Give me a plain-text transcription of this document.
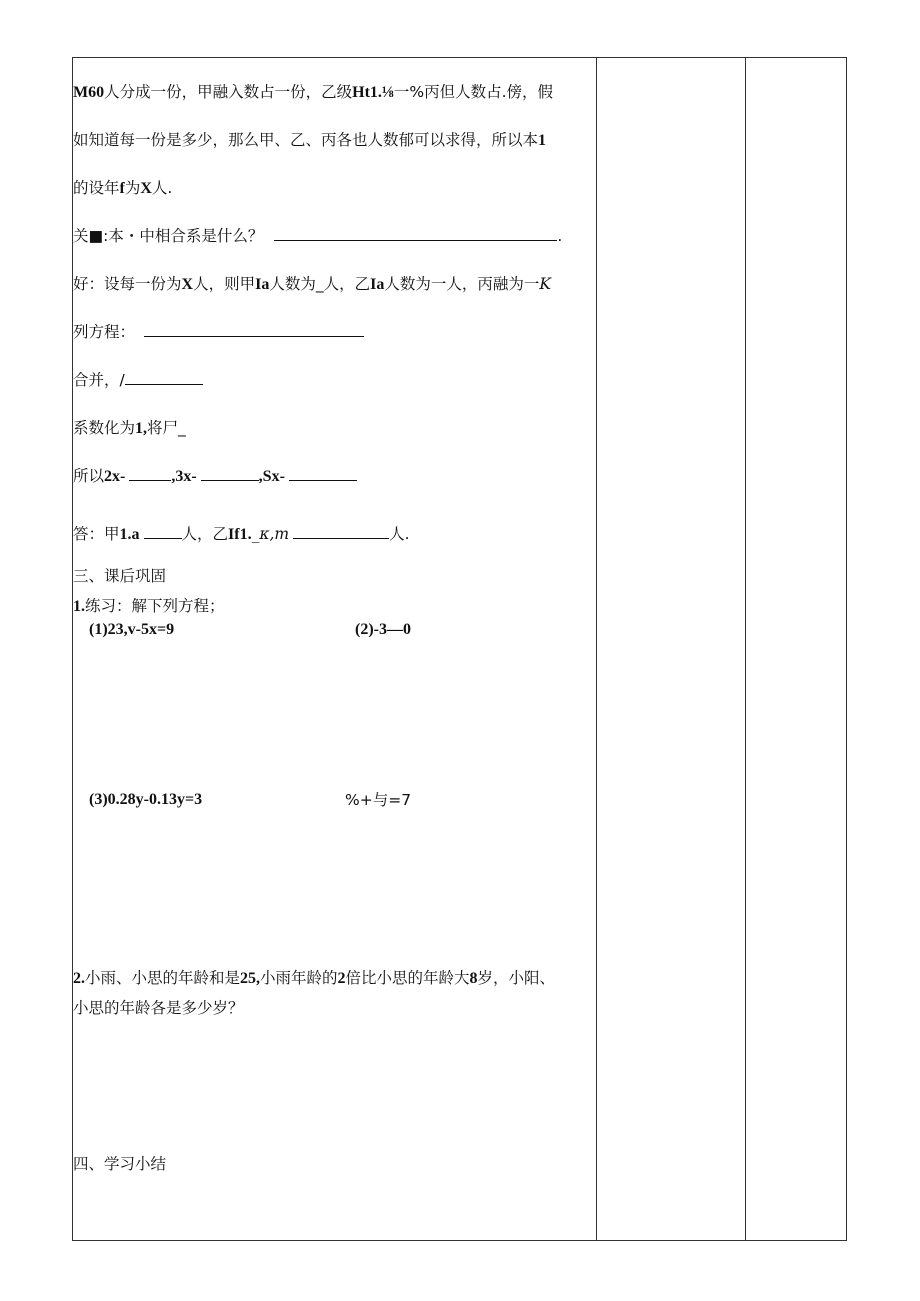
M60人分成一份，甲融入数占一份，乙级Ht1.⅛一%丙但人数占.傍，假
如知道每一份是多少，那么甲、乙、丙各也人数郁可以求得，所以本1
的设年f为X人.
关■:本・中相合系是什么？	.
好：设每一份为X人，则甲Ia人数为_人，乙Ia人数为一人，丙融为一K
列方程：
合并，/
系数化为1,将尸_
所以2x-	,3x-	,Sx-
答：甲1.a	人，乙If1._κ,m	人.
三、课后巩固
1.练习：解下列方程；
(1)23,v-5x=9	(2)-3—0
(3)0.28y-0.13y=3	%+与=7
2.小雨、小思的年龄和是25,小雨年龄的2倍比小思的年龄大8岁，小阳、
小思的年龄各是多少岁？
四、学习小结
